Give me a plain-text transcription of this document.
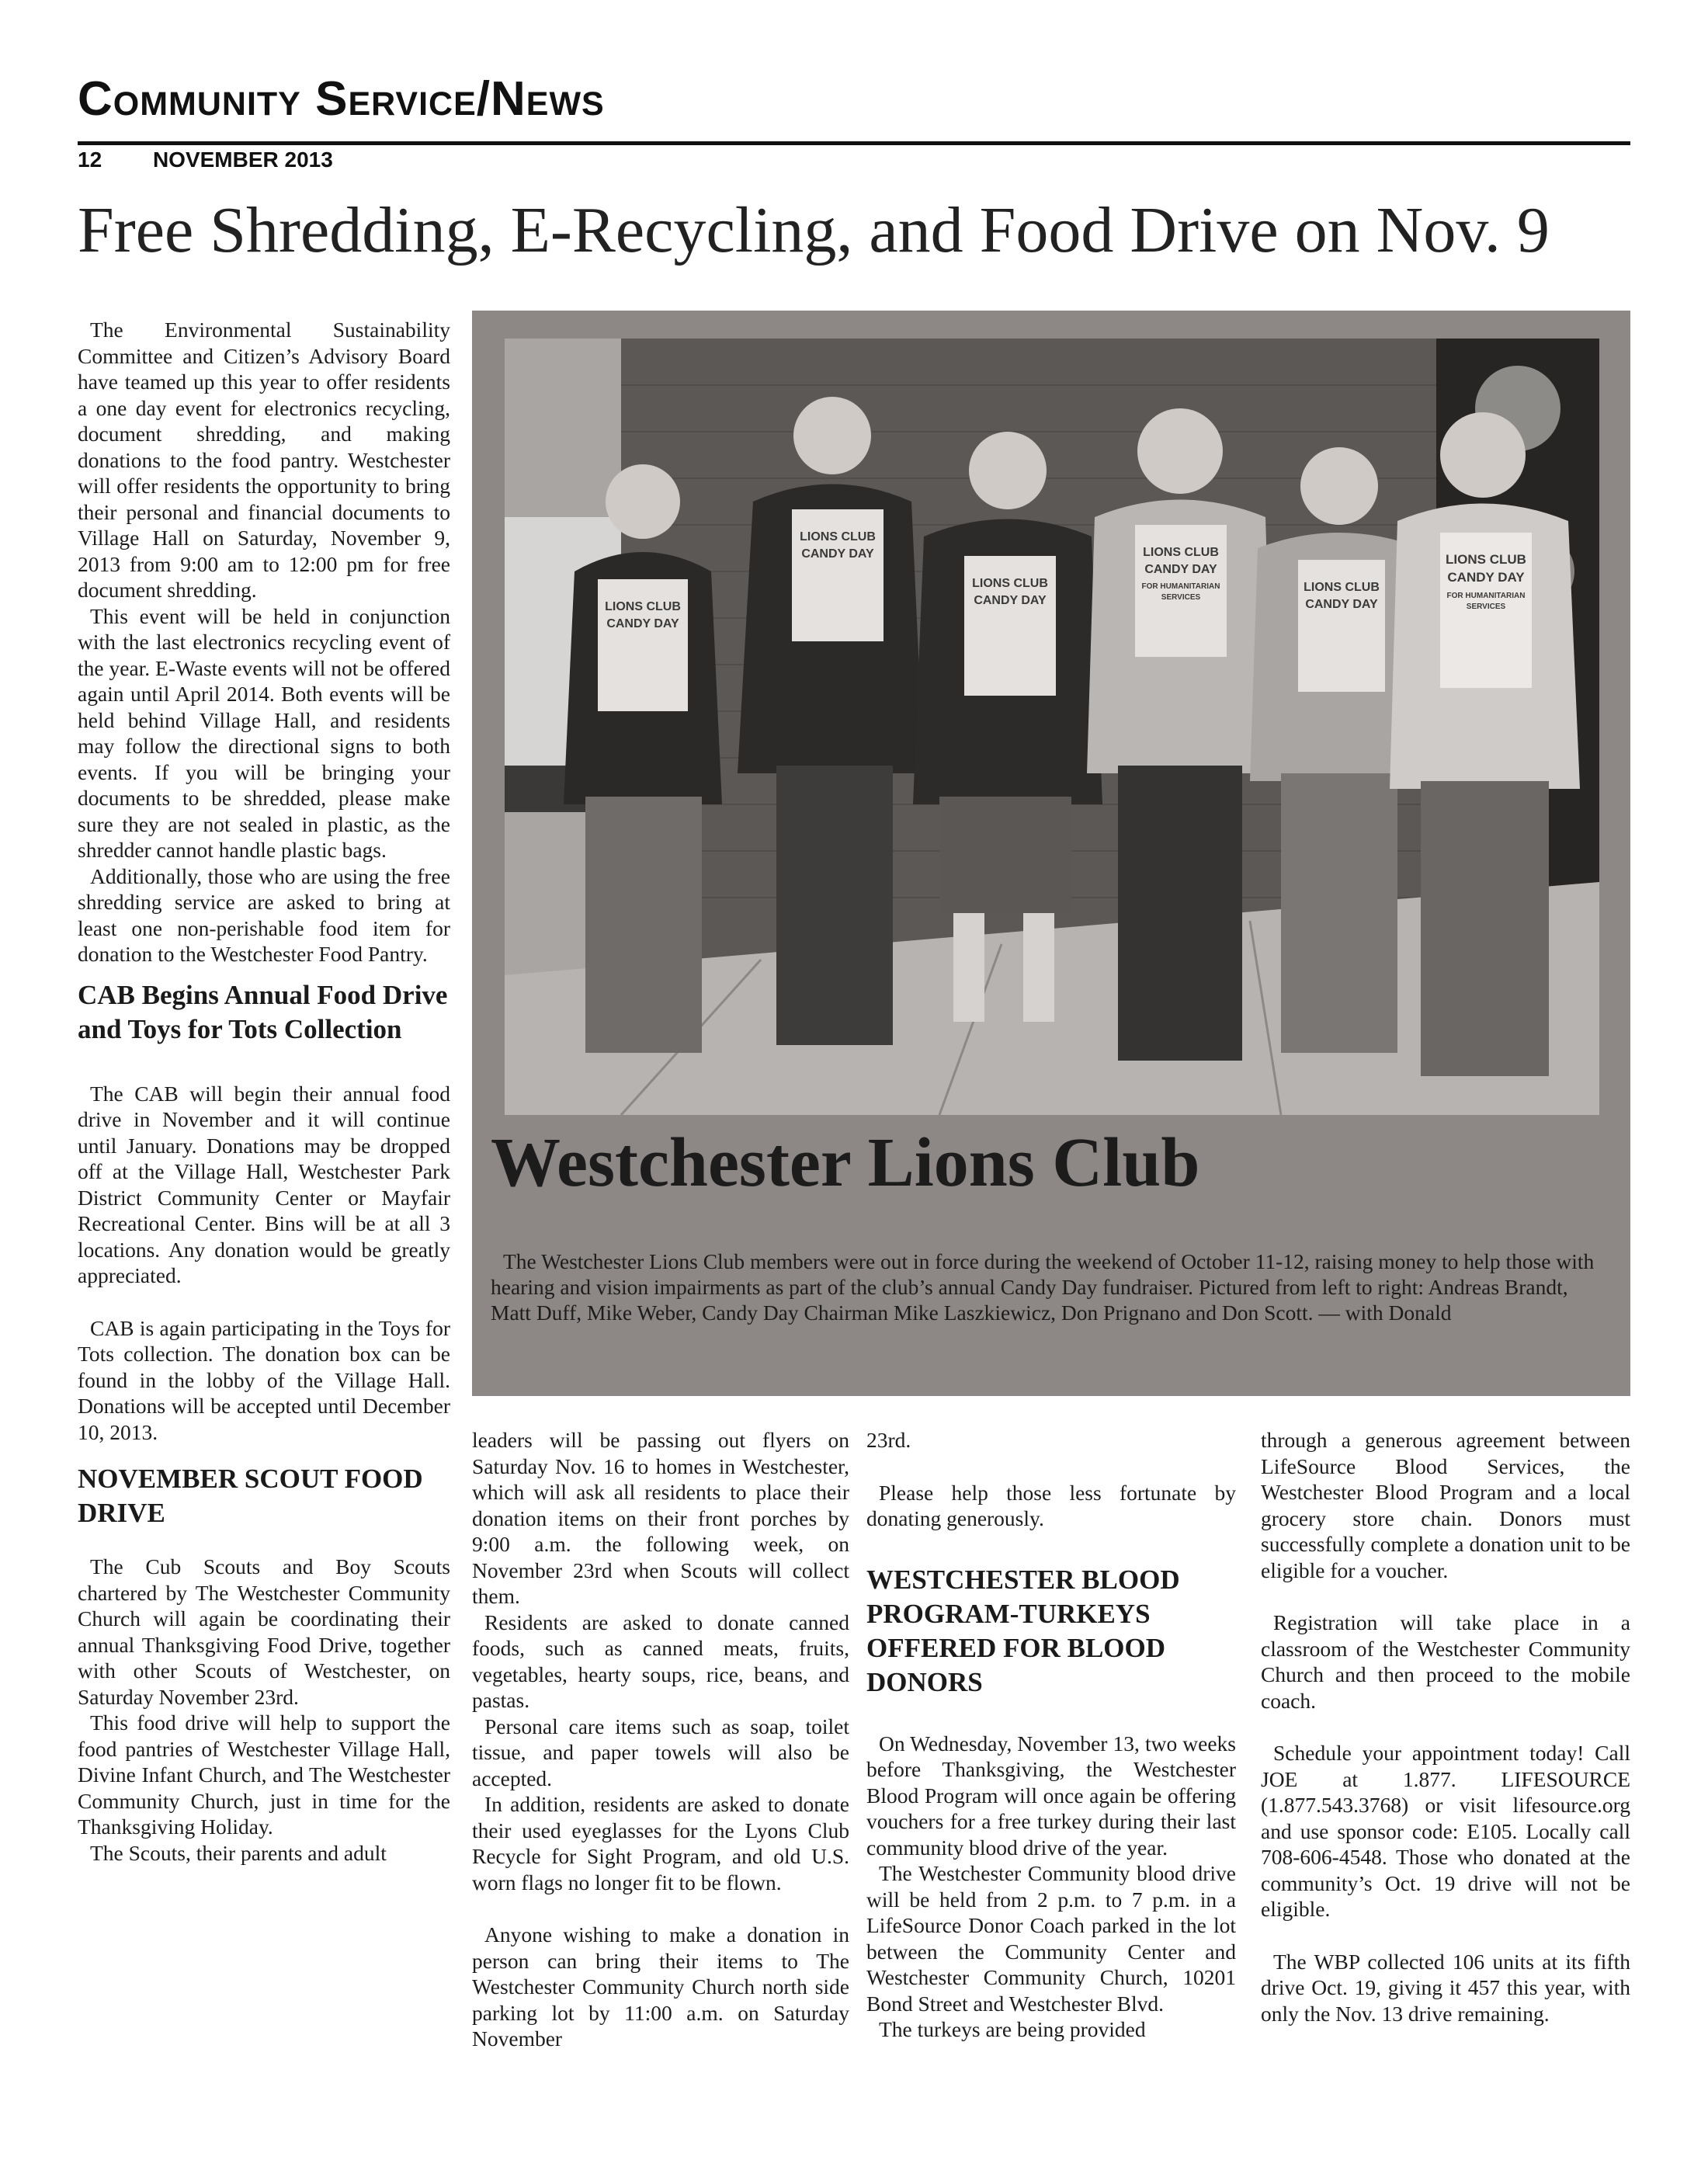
Community Service/News
12 NOVEMBER 2013
Free Shredding, E-Recycling, and Food Drive on Nov. 9

The Environmental Sustainability Committee and Citizen’s Advisory Board have teamed up this year to offer residents a one day event for electronics recycling, document shredding, and making donations to the food pantry. Westchester will offer residents the opportunity to bring their personal and financial documents to Village Hall on Saturday, November 9, 2013 from 9:00 am to 12:00 pm for free document shredding.

This event will be held in conjunction with the last electronics recycling event of the year. E-Waste events will not be offered again until April 2014. Both events will be held behind Village Hall, and residents may follow the directional signs to both events. If you will be bringing your documents to be shredded, please make sure they are not sealed in plastic, as the shredder cannot handle plastic bags.

Additionally, those who are using the free shredding service are asked to bring at least one non-perishable food item for donation to the Westchester Food Pantry.

CAB Begins Annual Food Drive and Toys for Tots Collection

The CAB will begin their annual food drive in November and it will continue until January. Donations may be dropped off at the Village Hall, Westchester Park District Community Center or Mayfair Recreational Center. Bins will be at all 3 locations. Any donation would be greatly appreciated.

CAB is again participating in the Toys for Tots collection. The donation box can be found in the lobby of the Village Hall. Donations will be accepted until December 10, 2013.

NOVEMBER SCOUT FOOD DRIVE

The Cub Scouts and Boy Scouts chartered by The Westchester Community Church will again be coordinating their annual Thanksgiving Food Drive, together with other Scouts of Westchester, on Saturday November 23rd.

This food drive will help to support the food pantries of Westchester Village Hall, Divine Infant Church, and The Westchester Community Church, just in time for the Thanksgiving Holiday.

The Scouts, their parents and adult

LIONS CLUB
CANDY DAY
LIONS CLUB
CANDY DAY
LIONS CLUB
CANDY DAY
LIONS CLUB
CANDY DAY
FOR HUMANITARIAN
SERVICES
LIONS CLUB
CANDY DAY
LIONS CLUB
CANDY DAY
FOR HUMANITARIAN
SERVICES
Westchester Lions Club
The Westchester Lions Club members were out in force during the weekend of October 11-12, raising money to help those with hearing and vision impairments as part of the club’s annual Candy Day fundraiser. Pictured from left to right: Andreas Brandt, Matt Duff, Mike Weber, Candy Day Chairman Mike Laszkiewicz, Don Prignano and Don Scott. — with Donald

leaders will be passing out flyers on Saturday Nov. 16 to homes in Westchester, which will ask all residents to place their donation items on their front porches by 9:00 a.m. the following week, on November 23rd when Scouts will collect them.

Residents are asked to donate canned foods, such as canned meats, fruits, vegetables, hearty soups, rice, beans, and pastas.

Personal care items such as soap, toilet tissue, and paper towels will also be accepted.

In addition, residents are asked to donate their used eyeglasses for the Lyons Club Recycle for Sight Program, and old U.S. worn flags no longer fit to be flown.

Anyone wishing to make a donation in person can bring their items to The Westchester Community Church north side parking lot by 11:00 a.m. on Saturday November

23rd.

Please help those less fortunate by donating generously.

WESTCHESTER BLOOD PROGRAM-TURKEYS OFFERED FOR BLOOD DONORS

On Wednesday, November 13, two weeks before Thanksgiving, the Westchester Blood Program will once again be offering vouchers for a free turkey during their last community blood drive of the year.

The Westchester Community blood drive will be held from 2 p.m. to 7 p.m. in a LifeSource Donor Coach parked in the lot between the Community Center and Westchester Community Church, 10201 Bond Street and Westchester Blvd.

The turkeys are being provided

through a generous agreement between LifeSource Blood Services, the Westchester Blood Program and a local grocery store chain. Donors must successfully complete a donation unit to be eligible for a voucher.

Registration will take place in a classroom of the Westchester Community Church and then proceed to the mobile coach.

Schedule your appointment today! Call JOE at 1.877. LIFESOURCE (1.877.543.3768) or visit lifesource.org and use sponsor code: E105. Locally call 708-606-4548. Those who donated at the community’s Oct. 19 drive will not be eligible.

The WBP collected 106 units at its fifth drive Oct. 19, giving it 457 this year, with only the Nov. 13 drive remaining.
